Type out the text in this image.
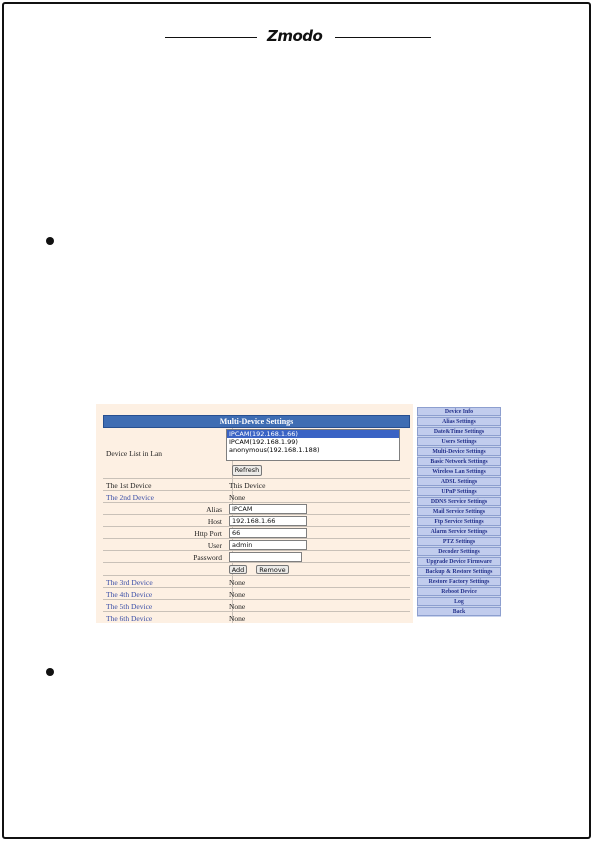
Zmodo
Multi-Device Settings
Device List in Lan
IPCAM(192.168.1.66)
IPCAM(192.168.1.99)
anonymous(192.168.1.188)
Refresh
The 1st Device	This Device
The 2nd Device	None
Alias	IPCAM
Host	192.168.1.66
Http Port	66
User	admin
Password
Add	Remove
The 3rd Device	None
The 4th Device	None
The 5th Device	None
The 6th Device	None
Device Info
Alias Settings
Date&Time Settings
Users Settings
Multi-Device Settings
Basic Network Settings
Wireless Lan Settings
ADSL Settings
UPnP Settings
DDNS Service Settings
Mail Service Settings
Ftp Service Settings
Alarm Service Settings
PTZ Settings
Decoder Settings
Upgrade Device Firmware
Backup & Restore Settings
Restore Factory Settings
Reboot Device
Log
Back
